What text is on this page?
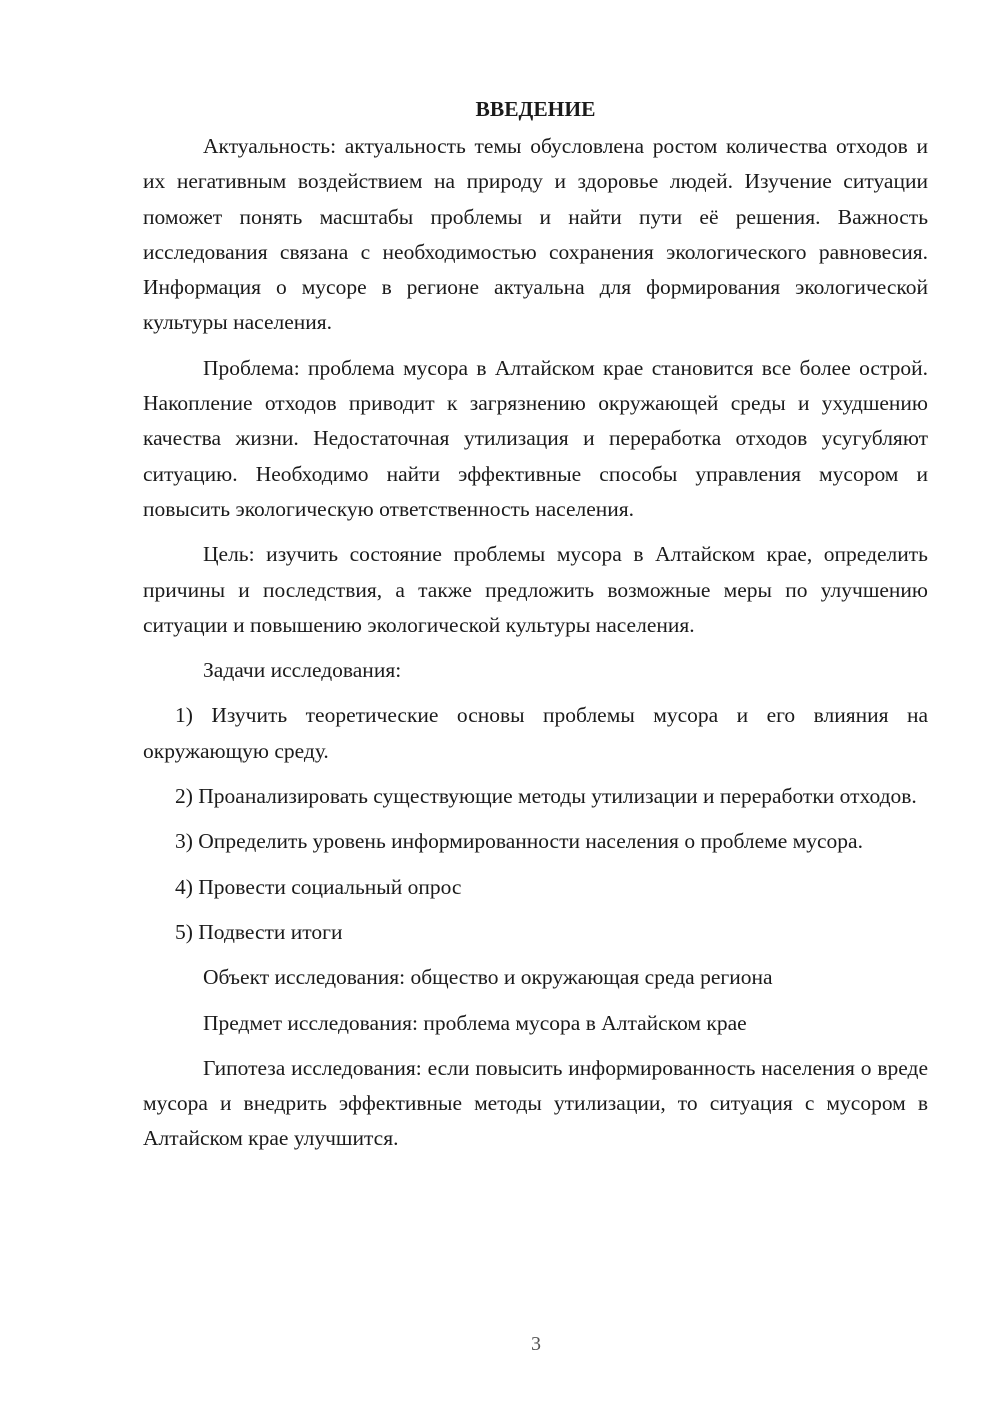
ВВЕДЕНИЕ

Актуальность: актуальность темы обусловлена ростом количества отходов и их негативным воздействием на природу и здоровье людей. Изучение ситуации поможет понять масштабы проблемы и найти пути её решения. Важность исследования связана с необходимостью сохранения экологического равновесия. Информация о мусоре в регионе актуальна для формирования экологической культуры населения.

Проблема: проблема мусора в Алтайском крае становится все более острой. Накопление отходов приводит к загрязнению окружающей среды и ухудшению качества жизни. Недостаточная утилизация и переработка отходов усугубляют ситуацию. Необходимо найти эффективные способы управления мусором и повысить экологическую ответственность населения.

Цель: изучить состояние проблемы мусора в Алтайском крае, определить причины и последствия, а также предложить возможные меры по улучшению ситуации и повышению экологической культуры населения.

Задачи исследования:

1) Изучить теоретические основы проблемы мусора и его влияния на окружающую среду.

2) Проанализировать существующие методы утилизации и переработки отходов.

3) Определить уровень информированности населения о проблеме мусора.

4) Провести социальный опрос

5) Подвести итоги

Объект исследования: общество и окружающая среда региона

Предмет исследования: проблема мусора в Алтайском крае

Гипотеза исследования: если повысить информированность населения о вреде мусора и внедрить эффективные методы утилизации, то ситуация с мусором в Алтайском крае улучшится.

3
